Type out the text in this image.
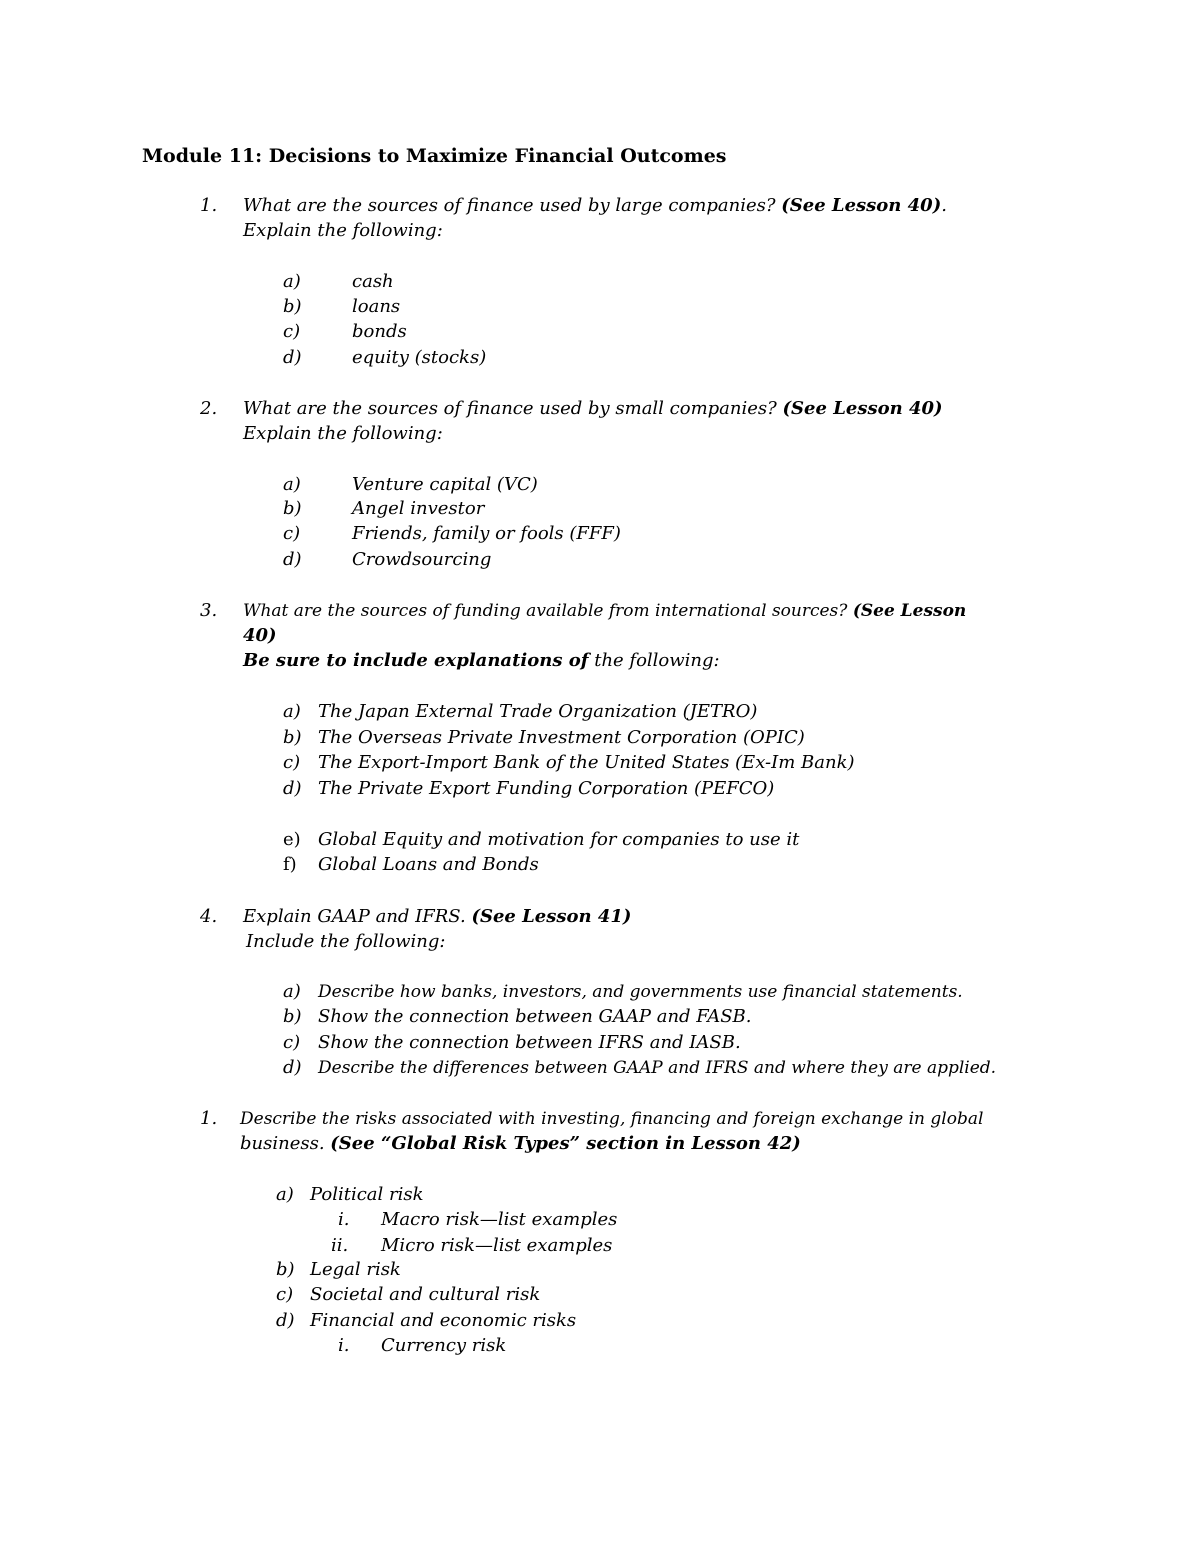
Module 11: Decisions to Maximize Financial Outcomes
1. What are the sources of finance used by large companies? (See Lesson 40).
Explain the following:
a)	cash
b)	loans
c)	bonds
d)	equity (stocks)
2. What are the sources of finance used by small companies? (See Lesson 40)
Explain the following:
a)	Venture capital (VC)
b)	Angel investor
c)	Friends, family or fools (FFF)
d)	Crowdsourcing
3. What are the sources of funding available from international sources? (See Lesson
40)
Be sure to include explanations of the following:
a) The Japan External Trade Organization (JETRO)
b) The Overseas Private Investment Corporation (OPIC)
c) The Export-Import Bank of the United States (Ex-Im Bank)
d) The Private Export Funding Corporation (PEFCO)
e) Global Equity and motivation for companies to use it
f) Global Loans and Bonds
4. Explain GAAP and IFRS. (See Lesson 41)
Include the following:
a) Describe how banks, investors, and governments use financial statements.
b) Show the connection between GAAP and FASB.
c) Show the connection between IFRS and IASB.
d) Describe the differences between GAAP and IFRS and where they are applied.
1. Describe the risks associated with investing, financing and foreign exchange in global
business. (See “Global Risk Types” section in Lesson 42)
a) Political risk
i. Macro risk—list examples
ii. Micro risk—list examples
b) Legal risk
c) Societal and cultural risk
d) Financial and economic risks
i. Currency risk
